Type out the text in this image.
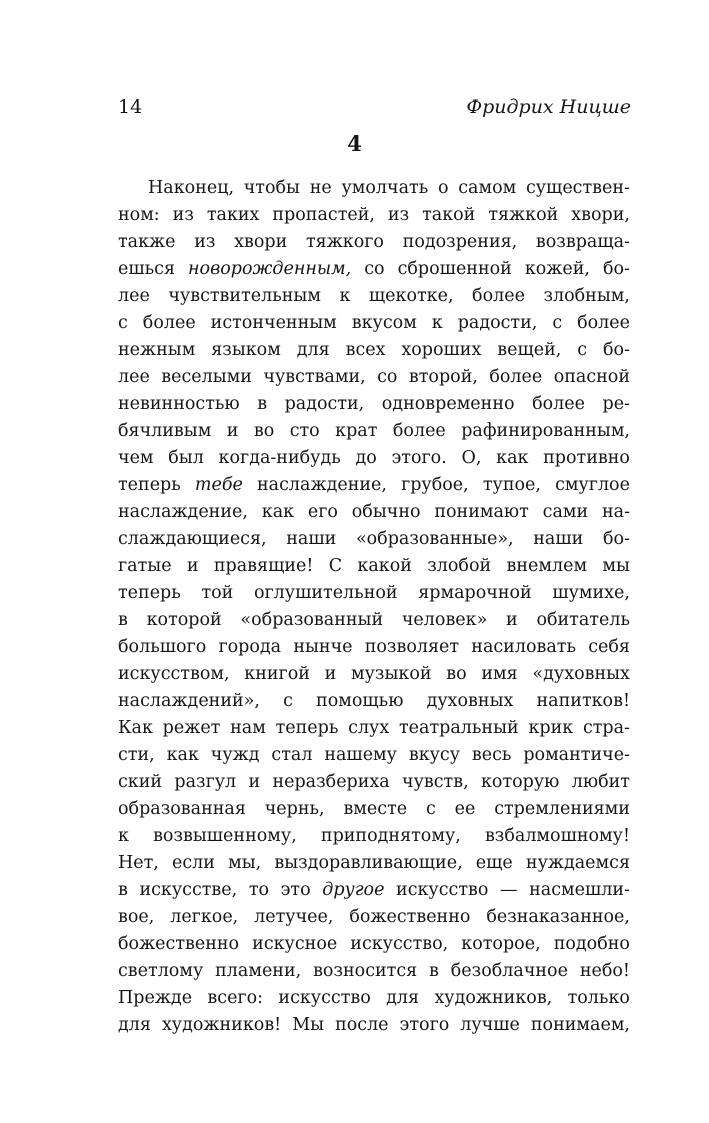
14	Фридрих Ницше
4
Наконец, чтобы не умолчать о самом существен-
ном: из таких пропастей, из такой тяжкой хвори,
также из хвори тяжкого подозрения, возвраща-
ешься новорожденным, со сброшенной кожей, бо-
лее чувствительным к щекотке, более злобным,
с более истонченным вкусом к радости, с более
нежным языком для всех хороших вещей, с бо-
лее веселыми чувствами, со второй, более опасной
невинностью в радости, одновременно более ре-
бячливым и во сто крат более рафинированным,
чем был когда-нибудь до этого. О, как противно
теперь тебе наслаждение, грубое, тупое, смуглое
наслаждение, как его обычно понимают сами на-
слаждающиеся, наши «образованные», наши бо-
гатые и правящие! С какой злобой внемлем мы
теперь той оглушительной ярмарочной шумихе,
в которой «образованный человек» и обитатель
большого города нынче позволяет насиловать себя
искусством, книгой и музыкой во имя «духовных
наслаждений», с помощью духовных напитков!
Как режет нам теперь слух театральный крик стра-
сти, как чужд стал нашему вкусу весь романтиче-
ский разгул и неразбериха чувств, которую любит
образованная чернь, вместе с ее стремлениями
к возвышенному, приподнятому, взбалмошному!
Нет, если мы, выздоравливающие, еще нуждаемся
в искусстве, то это другое искусство — насмешли-
вое, легкое, летучее, божественно безнаказанное,
божественно искусное искусство, которое, подобно
светлому пламени, возносится в безоблачное небо!
Прежде всего: искусство для художников, только
для художников! Мы после этого лучше понимаем,
